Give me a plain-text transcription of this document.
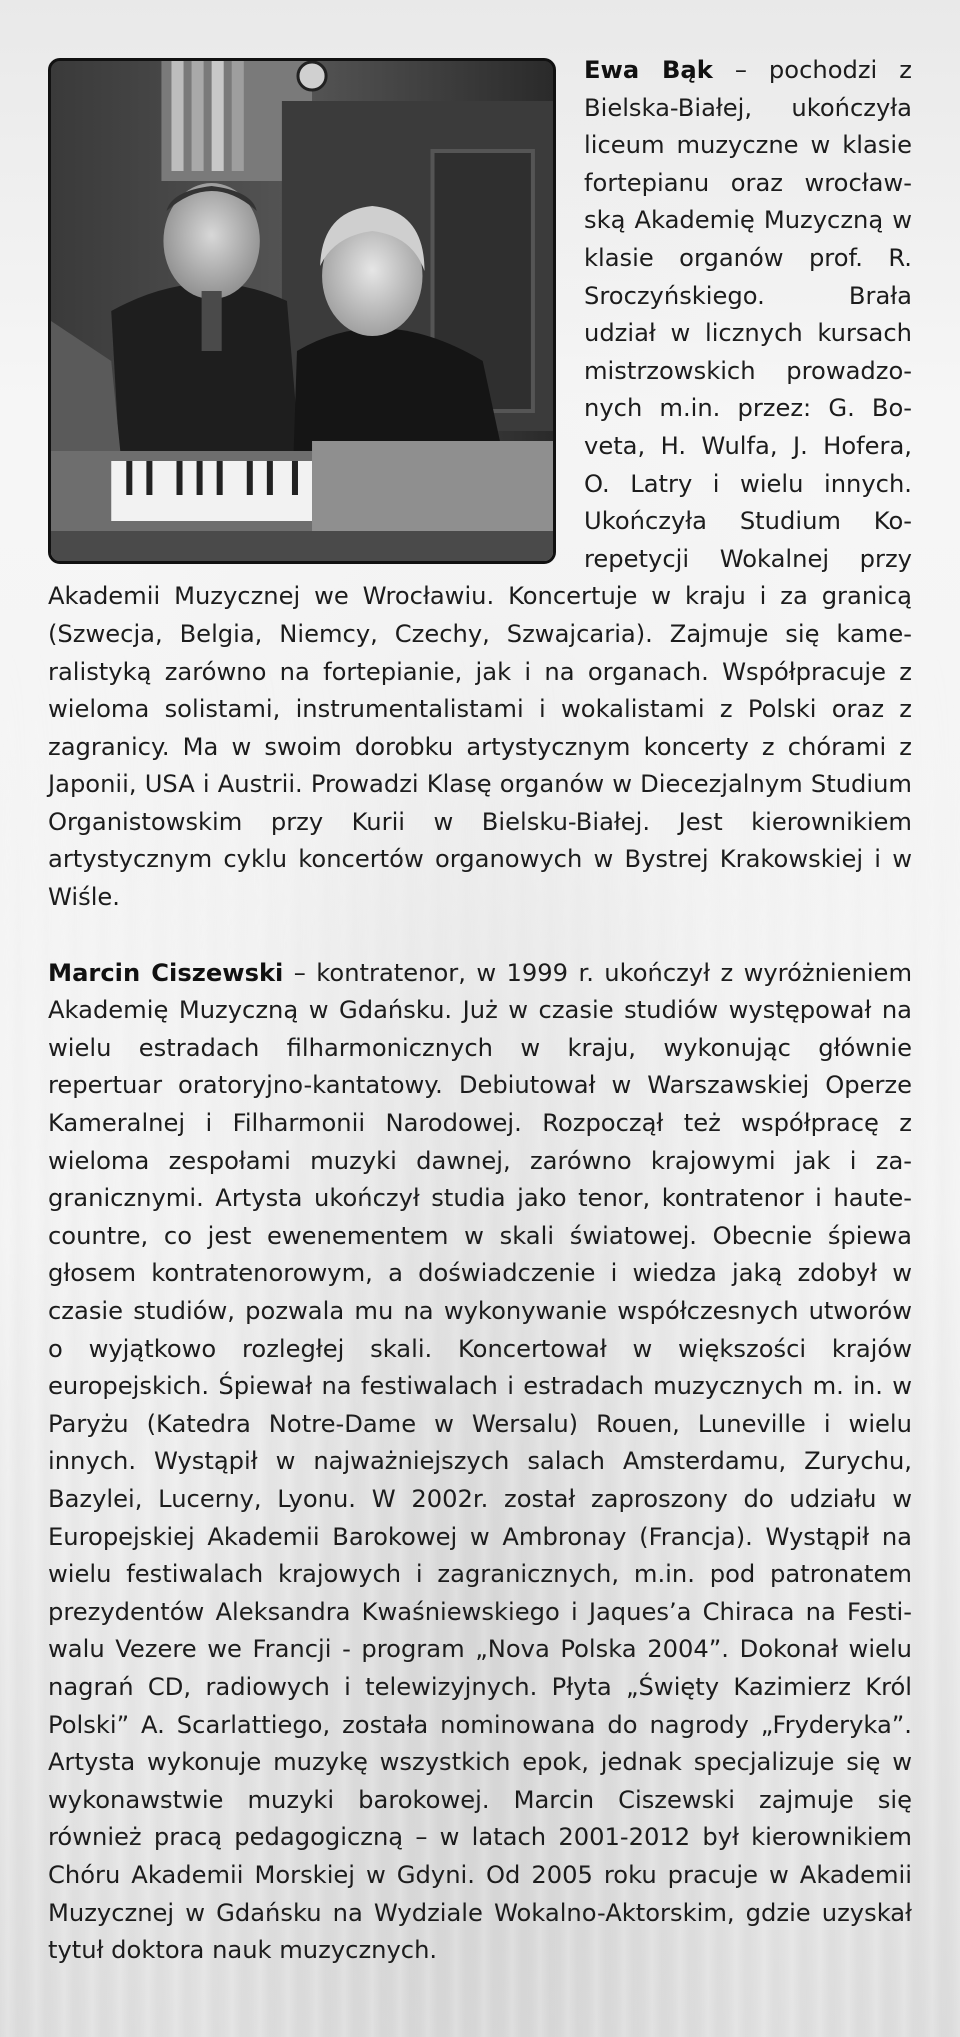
Ewa Bąk – pochodzi z Bielska-Białej, ukończyła liceum muzyczne w klasie fortepianu oraz wrocławską Akademię Muzyczną w klasie organów prof. R. Sroczyńskiego. Brała udział w licznych kursach mistrzowskich prowadzonych m.in. przez: G. Boveta, H. Wulfa, J. Hofera, O. Latry i wielu innych. Ukończyła Studium Korepetycji Wokalnej przy Akademii Muzycznej we Wrocławiu. Koncertuje w kraju i za granicą (Szwecja, Belgia, Niemcy, Czechy, Szwajcaria). Zajmuje się kameralistyką zarówno na fortepianie, jak i na organach. Współpracuje z wieloma solistami, instrumentalistami i wokalistami z Polski oraz z zagranicy. Ma w swoim dorobku artystycznym koncerty z chórami z Japonii, USA i Austrii. Prowadzi Klasę organów w Diecezjalnym Studium Organistowskim przy Kurii w Bielsku-Białej. Jest kierownikiem artystycznym cyklu koncertów organowych w Bystrej Krakowskiej i w Wiśle.

Marcin Ciszewski – kontratenor, w 1999 r. ukończył z wyróżnieniem Akademię Muzyczną w Gdańsku. Już w czasie studiów występował na wielu estradach filharmonicznych w kraju, wykonując głównie repertuar oratoryjno-kantatowy. Debiutował w Warszawskiej Operze Kameralnej i Filharmonii Narodowej. Rozpoczął też współpracę z wieloma zespołami muzyki dawnej, zarówno krajowymi jak i zagranicznymi. Artysta ukończył studia jako tenor, kontratenor i haute-countre, co jest ewenementem w skali światowej. Obecnie śpiewa głosem kontratenorowym, a doświadczenie i wiedza jaką zdobył w czasie studiów, pozwala mu na wykonywanie współczesnych utworów o wyjątkowo rozległej skali. Koncertował w większości krajów europejskich. Śpiewał na festiwalach i estradach muzycznych m. in. w Paryżu (Katedra Notre-Dame w Wersalu) Rouen, Luneville i wielu innych. Wystąpił w najważniejszych salach Amsterdamu, Zurychu, Bazylei, Lucerny, Lyonu. W 2002r. został zaproszony do udziału w Europejskiej Akademii Barokowej w Ambronay (Francja). Wystąpił na wielu festiwalach krajowych i zagranicznych, m.in. pod patronatem prezydentów Aleksandra Kwaśniewskiego i Jaques’a Chiraca na Festiwalu Vezere we Francji - program „Nova Polska 2004”. Dokonał wielu nagrań CD, radiowych i telewizyjnych. Płyta „Święty Kazimierz Król Polski” A. Scarlattiego, została nominowana do nagrody „Fryderyka”. Artysta wykonuje muzykę wszystkich epok, jednak specjalizuje się w wykonawstwie muzyki barokowej. Marcin Ciszewski zajmuje się również pracą pedagogiczną – w latach 2001-2012 był kierownikiem Chóru Akademii Morskiej w Gdyni. Od 2005 roku pracuje w Akademii Muzycznej w Gdańsku na Wydziale Wokalno-Aktorskim, gdzie uzyskał tytuł doktora nauk muzycznych.
